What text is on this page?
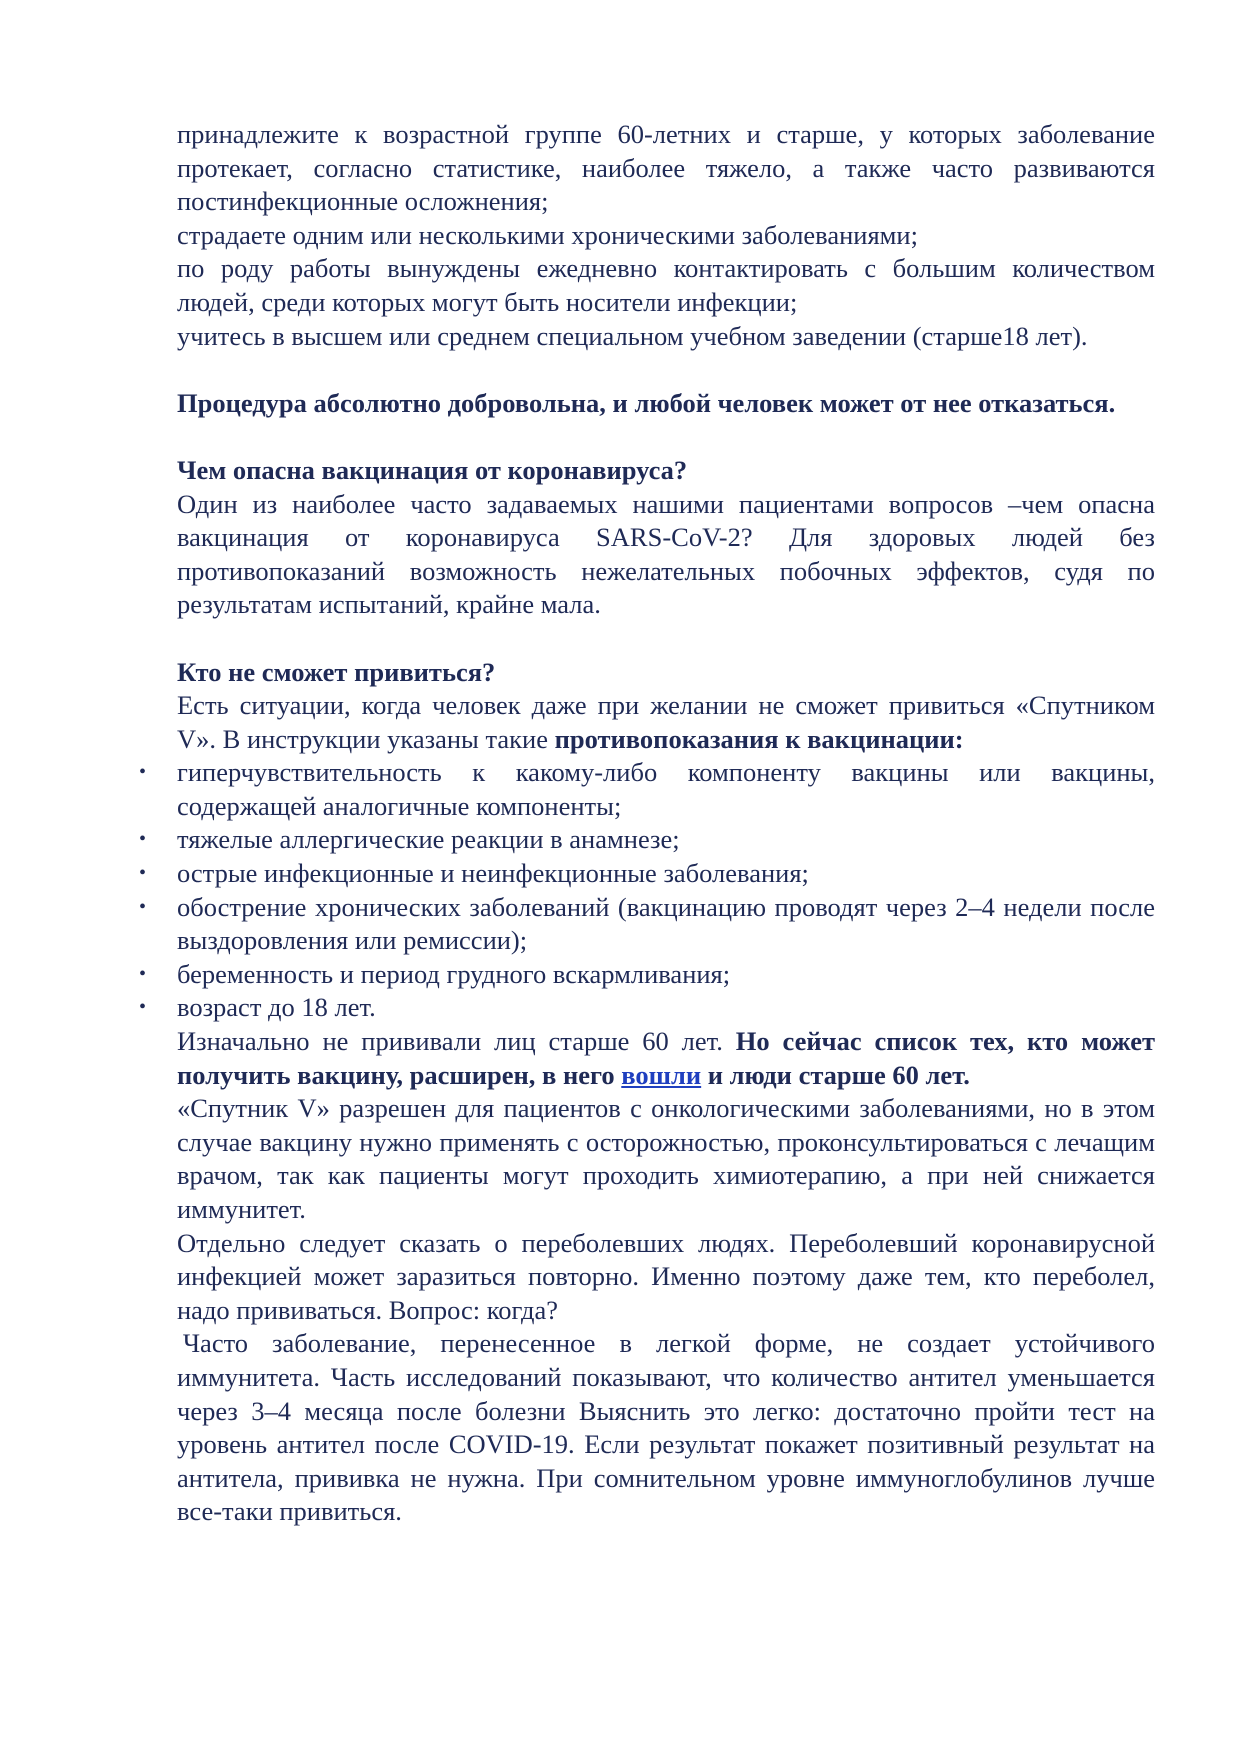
принадлежите к возрастной группе 60-летних и старше, у которых заболевание протекает, согласно статистике, наиболее тяжело, а также часто развиваются постинфекционные осложнения;

страдаете одним или несколькими хроническими заболеваниями;

по роду работы вынуждены ежедневно контактировать с большим количеством людей, среди которых могут быть носители инфекции;

учитесь в высшем или среднем специальном учебном заведении (старше18 лет).

Процедура абсолютно добровольна, и любой человек может от нее отказаться.

Чем опасна вакцинация от коронавируса?

Один из наиболее часто задаваемых нашими пациентами вопросов –чем опасна вакцинация от коронавируса SARS-CoV-2? Для здоровых людей без противопоказаний возможность нежелательных побочных эффектов, судя по результатам испытаний, крайне мала.

Кто не сможет привиться?

Есть ситуации, когда человек даже при желании не сможет привиться «Спутником V». В инструкции указаны такие противопоказания к вакцинации:

• гиперчувствительность к какому-либо компоненту вакцины или вакцины, содержащей аналогичные компоненты;
• тяжелые аллергические реакции в анамнезе;
• острые инфекционные и неинфекционные заболевания;
• обострение хронических заболеваний (вакцинацию проводят через 2–4 недели после выздоровления или ремиссии);
• беременность и период грудного вскармливания;
• возраст до 18 лет.

Изначально не прививали лиц старше 60 лет. Но сейчас список тех, кто может получить вакцину, расширен, в него вошли и люди старше 60 лет.

«Спутник V» разрешен для пациентов с онкологическими заболеваниями, но в этом случае вакцину нужно применять с осторожностью, проконсультироваться с лечащим врачом, так как пациенты могут проходить химиотерапию, а при ней снижается иммунитет.

Отдельно следует сказать о переболевших людях. Переболевший коронавирусной инфекцией может заразиться повторно. Именно поэтому даже тем, кто переболел, надо прививаться. Вопрос: когда?

Часто заболевание, перенесенное в легкой форме, не создает устойчивого иммунитета. Часть исследований показывают, что количество антител уменьшается через 3–4 месяца после болезни Выяснить это легко: достаточно пройти тест на уровень антител после COVID-19. Если результат покажет позитивный результат на антитела, прививка не нужна. При сомнительном уровне иммуноглобулинов лучше все-таки привиться.
